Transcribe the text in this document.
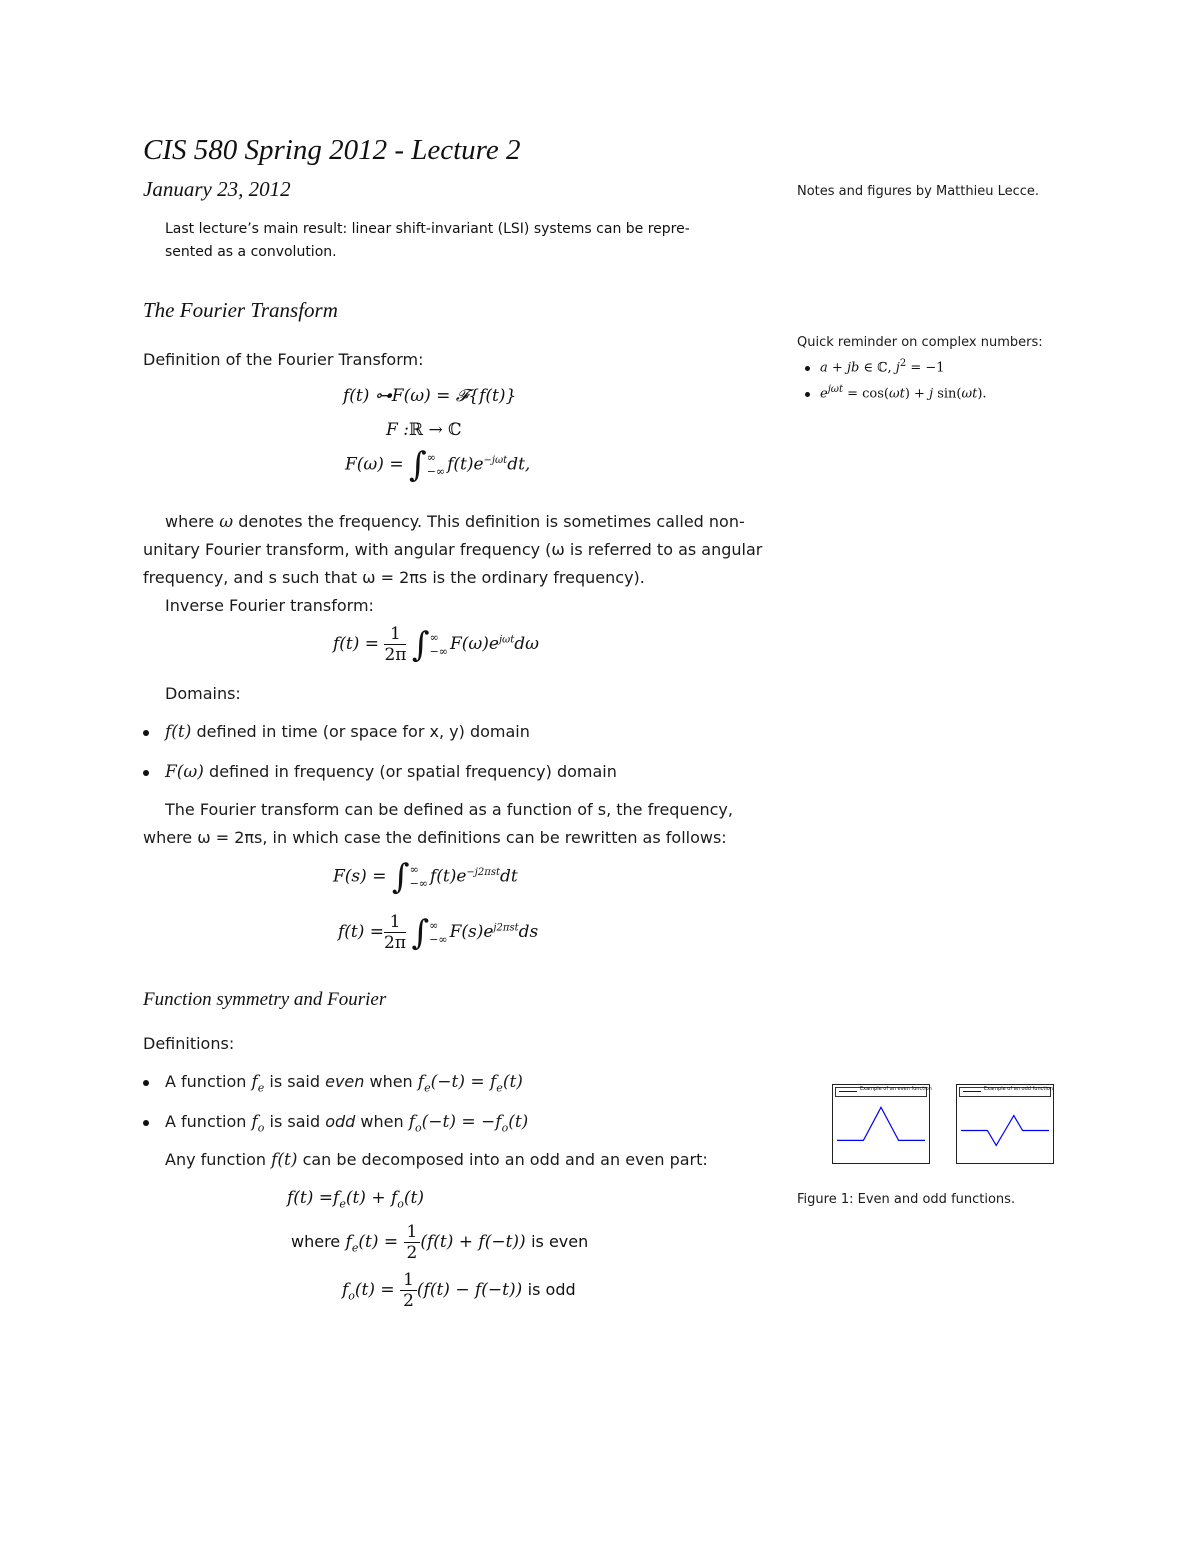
CIS 580 Spring 2012 - Lecture 2
January 23, 2012	Notes and figures by Matthieu Lecce.
Last lecture’s main result: linear shift-invariant (LSI) systems can be repre-
sented as a convolution.
The Fourier Transform
Quick reminder on complex numbers:
a + jb ∈ ℂ, $j^2 = -1$
$e^{j\omega t} = \cos(\omega t) + j$ sin(ωt).
Definition of the Fourier Transform:
f(t) ⊶F(ω) = 𝓕{f(t)}
F :ℝ → ℂ
F(ω) = ∫ ∞
−∞ $f(t)e^{-j\omega t}dt$,
where ω denotes the frequency. This definition is sometimes called non-
unitary Fourier transform, with angular frequency (ω is referred to as angular
frequency, and s such that ω = 2πs is the ordinary frequency).
Inverse Fourier transform:
$f(t) = \frac{1}{2\pi}$ ∫ ∞
−∞ $F(\omega)e^{j\omega t}d\omega$
Domains:
f(t) defined in time (or space for x, y) domain
F(ω) defined in frequency (or spatial frequency) domain
The Fourier transform can be defined as a function of s, the frequency,
where ω = 2πs, in which case the definitions can be rewritten as follows:
F(s) = ∫ ∞
−∞ $f(t)e^{-j2\pi st}dt$
$f(t) = \frac{1}{2\pi}$ ∫ ∞
−∞ $F(s)e^{j2\pi st}ds$
Function symmetry and Fourier
Definitions:
A function $f_e$ is said even when $f_e(-t) = f_e(t)$
A function $f_o$ is said odd when $f_o(-t) = -f_o(t)$
Any function f(t) can be decomposed into an odd and an even part:
$f(t) =f_e(t) + f_o(t)$
where $f_e(t) = \frac{1}{2} (f(t) + f(-t))$ is even
$f_o(t) = \frac{1}{2} (f(t) - f(-t))$ is odd
Example of an even function	Example of an odd function
Figure 1: Even and odd functions.
